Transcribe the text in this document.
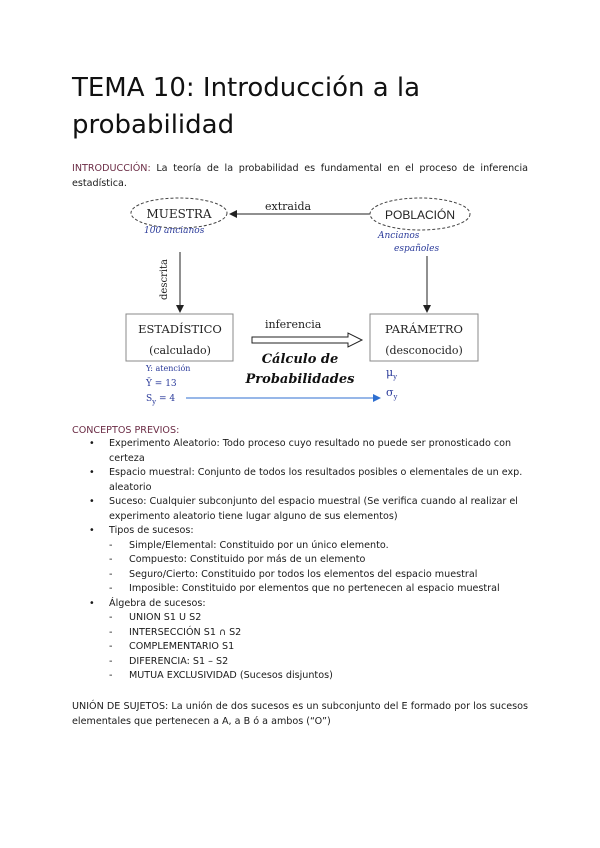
TEMA 10: Introducción a la probabilidad

INTRODUCCIÓN: La teoría de la probabilidad es fundamental en el proceso de inferencia estadística.

MUESTRA
100 ancianos
extraida
POBLACIÓN
Ancianos
españoles
descrita
ESTADÍSTICO
(calculado)
inferencia	PARÁMETRO
(desconocido)
Cálculo de
Probabilidades
Y: atención
Ȳ = 13
$S_y = 4$
$\mu_y$
$\sigma_y$

CONCEPTOS PREVIOS:

• Experimento Aleatorio: Todo proceso cuyo resultado no puede ser pronosticado con certeza
• Espacio muestral: Conjunto de todos los resultados posibles o elementales de un exp. aleatorio
• Suceso: Cualquier subconjunto del espacio muestral (Se verifica cuando al realizar el experimento aleatorio tiene lugar alguno de sus elementos)
• Tipos de sucesos:
- Simple/Elemental: Constituido por un único elemento.
- Compuesto: Constituido por más de un elemento
- Seguro/Cierto: Constituido por todos los elementos del espacio muestral
- Imposible: Constituido por elementos que no pertenecen al espacio muestral
• Álgebra de sucesos:
- UNION S1 U S2
- INTERSECCIÓN S1 ∩ S2
- COMPLEMENTARIO S1
- DIFERENCIA: S1 – S2
- MUTUA EXCLUSIVIDAD (Sucesos disjuntos)

UNIÓN DE SUJETOS: La unión de dos sucesos es un subconjunto del E formado por los sucesos elementales que pertenecen a A, a B ó a ambos (“O”)
